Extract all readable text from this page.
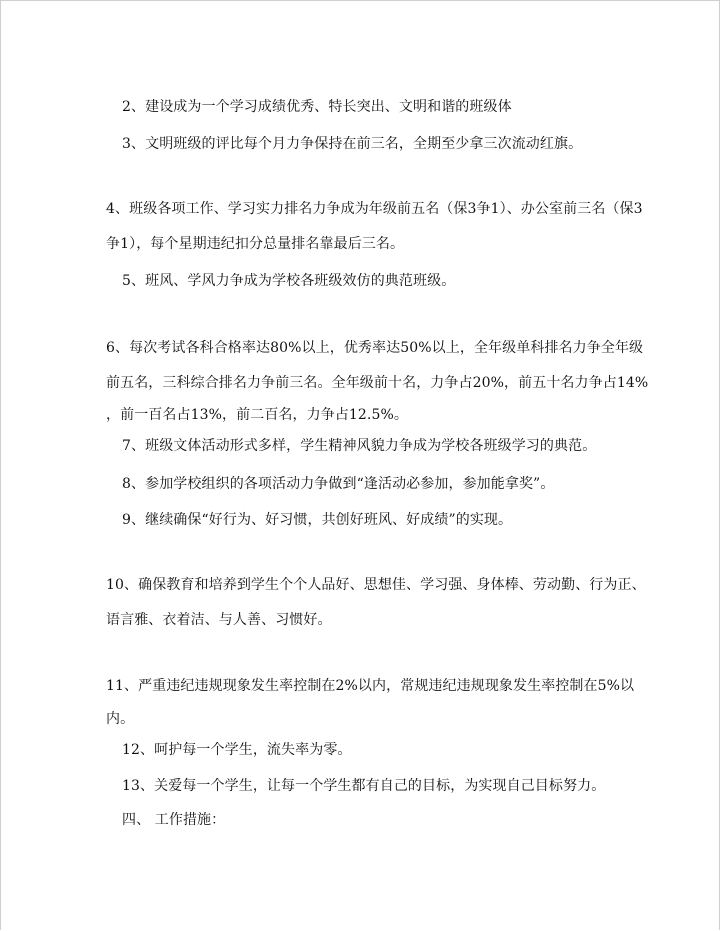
2、建设成为一个学习成绩优秀、特长突出、文明和谐的班级体
3、文明班级的评比每个月力争保持在前三名，全期至少拿三次流动红旗。
4、班级各项工作、学习实力排名力争成为年级前五名（保3争1）、办公室前三名（保3
争1），每个星期违纪扣分总量排名靠最后三名。
5、班风、学风力争成为学校各班级效仿的典范班级。
6、每次考试各科合格率达80%以上，优秀率达50%以上，全年级单科排名力争全年级
前五名，三科综合排名力争前三名。全年级前十名，力争占20%，前五十名力争占14%
，前一百名占13%，前二百名，力争占12.5%。
7、班级文体活动形式多样，学生精神风貌力争成为学校各班级学习的典范。
8、参加学校组织的各项活动力争做到“逢活动必参加，参加能拿奖”。
9、继续确保“好行为、好习惯，共创好班风、好成绩”的实现。
10、确保教育和培养到学生个个人品好、思想佳、学习强、身体棒、劳动勤、行为正、
语言雅、衣着洁、与人善、习惯好。
11、严重违纪违规现象发生率控制在2%以内，常规违纪违规现象发生率控制在5%以
内。
12、呵护每一个学生，流失率为零。
13、关爱每一个学生，让每一个学生都有自己的目标，为实现自己目标努力。
四、 工作措施：
